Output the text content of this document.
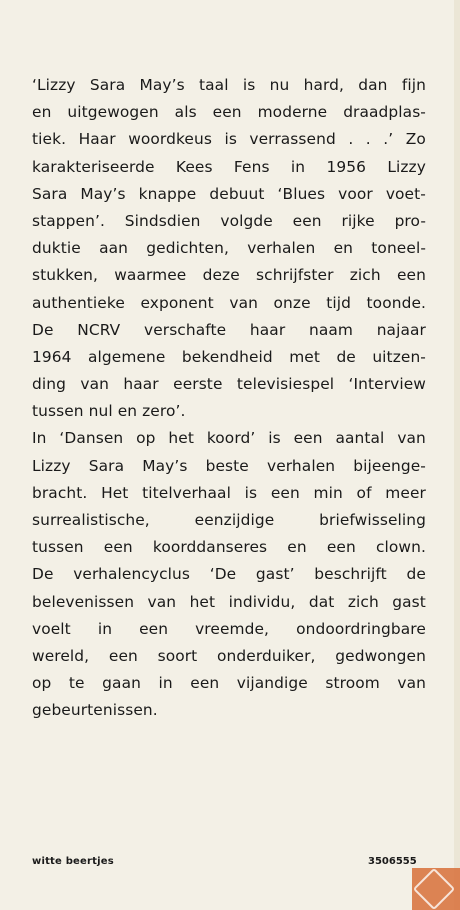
‘Lizzy Sara May’s taal is nu hard, dan fijn
en uitgewogen als een moderne draadplas-
tiek. Haar woordkeus is verrassend . . .’ Zo
karakteriseerde Kees Fens in 1956 Lizzy
Sara May’s knappe debuut ‘Blues voor voet-
stappen’. Sindsdien volgde een rijke pro-
duktie aan gedichten, verhalen en toneel-
stukken, waarmee deze schrijfster zich een
authentieke exponent van onze tijd toonde.
De NCRV verschafte haar naam najaar
1964 algemene bekendheid met de uitzen-
ding van haar eerste televisiespel ‘Interview
tussen nul en zero’.
In ‘Dansen op het koord’ is een aantal van
Lizzy Sara May’s beste verhalen bijeenge-
bracht. Het titelverhaal is een min of meer
surrealistische,	eenzijdige	briefwisseling
tussen een koorddanseres en een clown.
De verhalencyclus ‘De gast’ beschrijft de
belevenissen van het individu, dat zich gast
voelt in een vreemde, ondoordringbare
wereld, een soort onderduiker, gedwongen
op te gaan in een vijandige stroom van
gebeurtenissen.
witte beertjes	3506555
